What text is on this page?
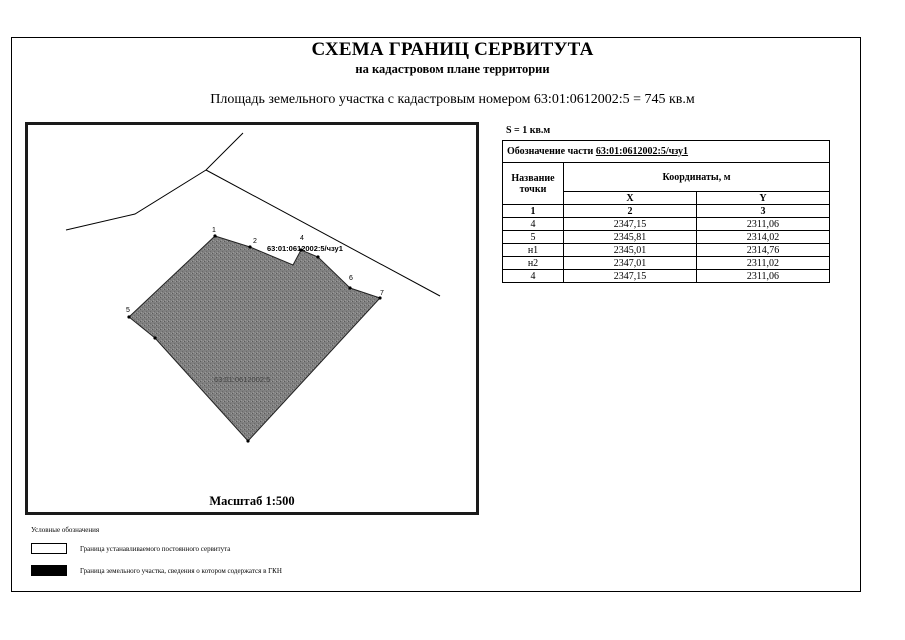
СХЕМА ГРАНИЦ СЕРВИТУТА
на кадастровом плане территории
Площадь земельного участка с кадастровым номером 63:01:0612002:5 = 745 кв.м
1
2	4
5
6
7
63:01:0612002:5/чзу1
63:01:0612002:5
Масштаб 1:500
S = 1 кв.м
Обозначение части 63:01:0612002:5/чзу1		
Название точки	Координаты, м	
	X	Y
1	2	3
4	2347,15	2311,06
5	2345,81	2314,02
н1	2345,01	2314,76
н2	2347,01	2311,02
4	2347,15	2311,06
Условные обозначения
Граница устанавливаемого постоянного сервитута
Граница земельного участка, сведения о котором содержатся в ГКН
